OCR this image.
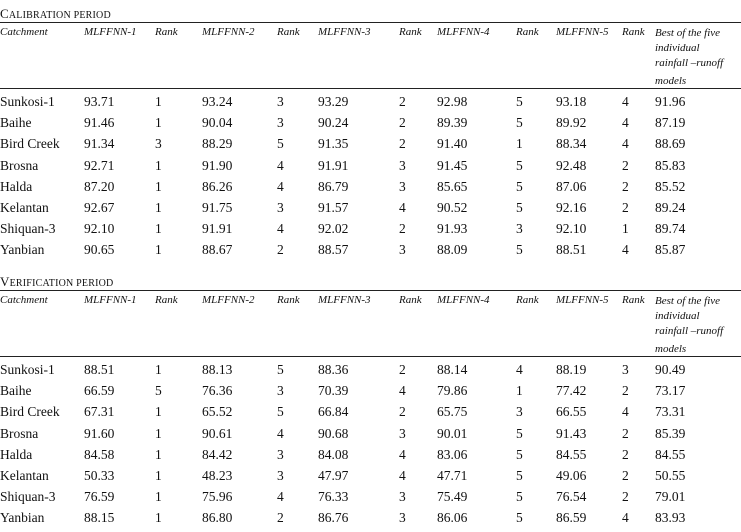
CALIBRATION PERIOD
Catchment	MLFFNN-1 Rank MLFFNN-2 Rank MLFFNN-3	Rank MLFFNN-4 Rank MLFFNN-5 Rank Best of the five
individual
rainfall –runoff
models
Sunkosi-1 93.71	1	93.24	3	93.29	2 92.98	5 93.18	4 91.96
Baihe	91.46	1	90.04	3	90.24	2 89.39	5 89.92	4 87.19
Bird Creek 91.34	3	88.29	5	91.35	2 91.40	1 88.34	4 88.69
Brosna	92.71	1	91.90	4	91.91	3 91.45	5 92.48	2 85.83
Halda	87.20	1	86.26	4	86.79	3 85.65	5 87.06	2 85.52
Kelantan	92.67	1	91.75	3	91.57	4 90.52	5 92.16	2 89.24
Shiquan-3 92.10	1	91.91	4	92.02	2 91.93	3 92.10	1 89.74
Yanbian	90.65	1	88.67	2	88.57	3 88.09	5 88.51	4 85.87
VERIFICATION PERIOD
Catchment	MLFFNN-1 Rank MLFFNN-2 Rank MLFFNN-3	Rank MLFFNN-4 Rank MLFFNN-5 Rank Best of the five
individual
rainfall –runoff
models
Sunkosi-1 88.51	1	88.13	5	88.36	2 88.14	4 88.19	3 90.49
Baihe	66.59	5	76.36	3	70.39	4 79.86	1 77.42	2 73.17
Bird Creek 67.31	1	65.52	5	66.84	2 65.75	3 66.55	4 73.31
Brosna	91.60	1	90.61	4	90.68	3 90.01	5 91.43	2 85.39
Halda	84.58	1	84.42	3	84.08	4 83.06	5 84.55	2 84.55
Kelantan	50.33	1	48.23	3	47.97	4 47.71	5 49.06	2 50.55
Shiquan-3 76.59	1	75.96	4	76.33	3 75.49	5 76.54	2 79.01
Yanbian	88.15	1	86.80	2	86.76	3 86.06	5 86.59	4 83.93
